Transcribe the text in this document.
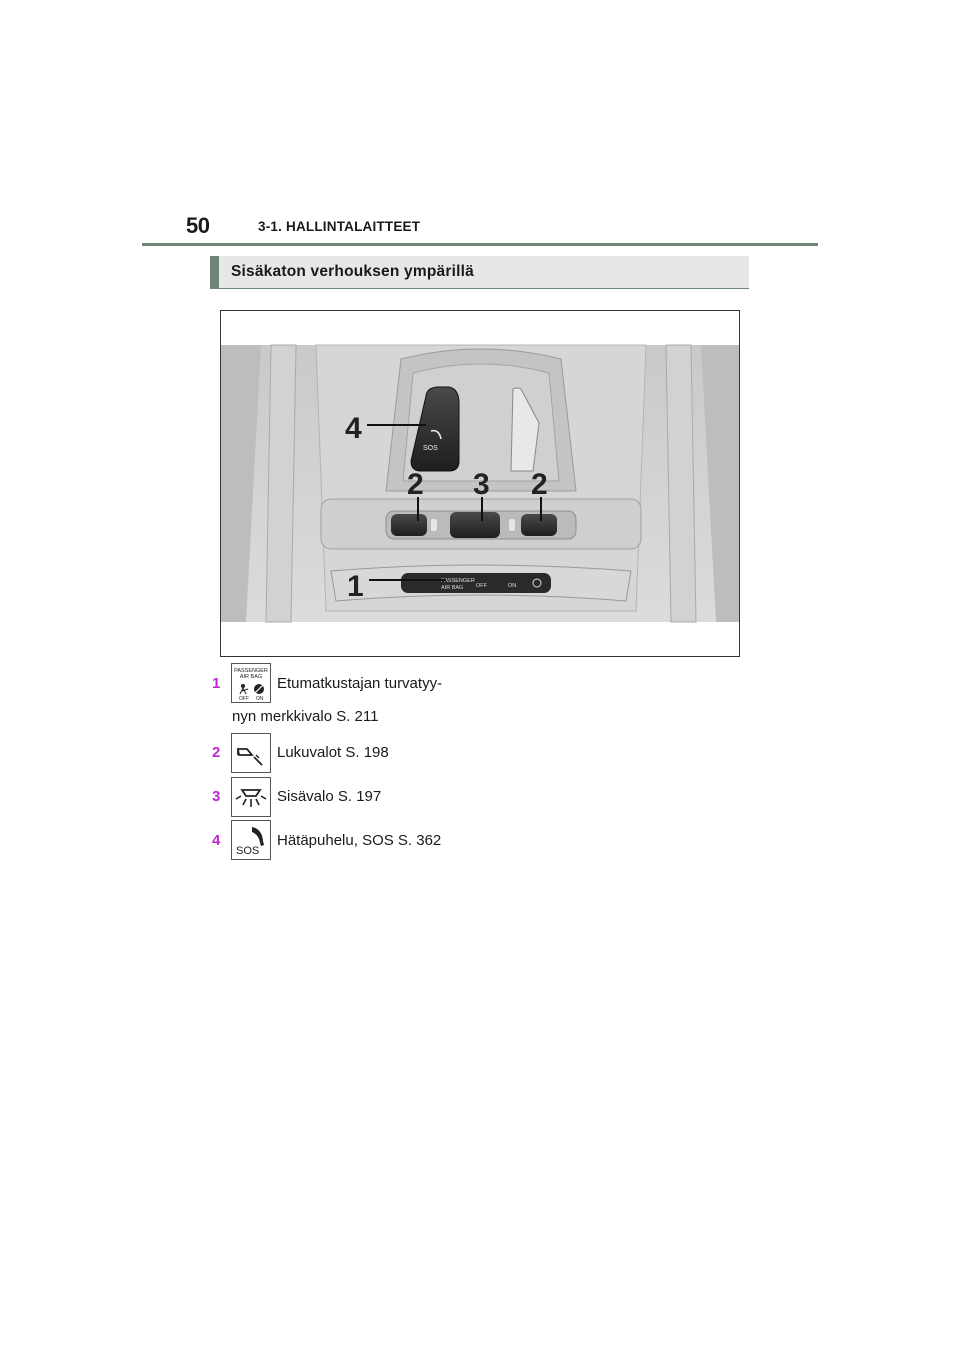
50	3-1. HALLINTALAITTEET
Sisäkaton verhouksen ympärillä
SOS
PASSENGER
AIR BAG OFF	ON
4
2 3 2
1
1
PASSENGER
AIR BAG
OFF ON
Etumatkustajan turvatyy-
nyn merkkivalo S. 211
2	Lukuvalot S. 198
3	Sisävalo S. 197
4
SOS
Hätäpuhelu, SOS S. 362
